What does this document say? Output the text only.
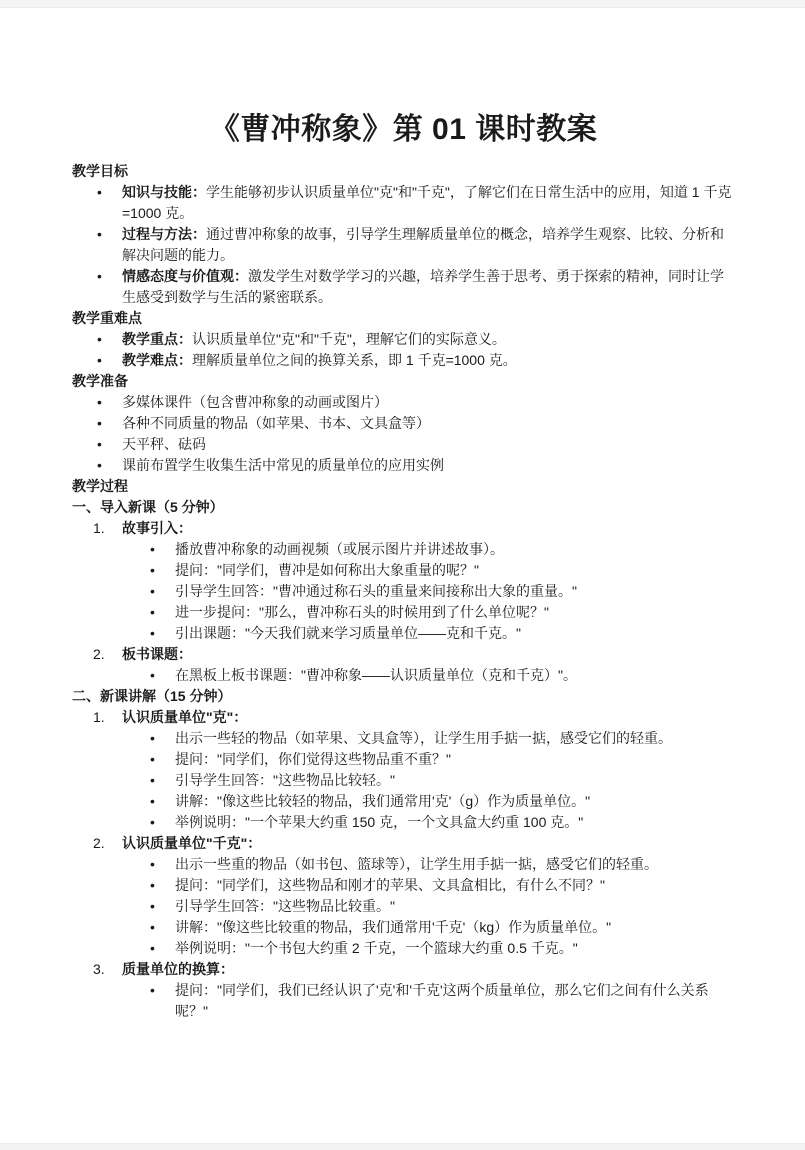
《曹冲称象》第 01 课时教案
教学目标
•	知识与技能：学生能够初步认识质量单位"克"和"千克"，了解它们在日常生活中的应用，知道 1 千克=1000 克。
•	过程与方法：通过曹冲称象的故事，引导学生理解质量单位的概念，培养学生观察、比较、分析和解决问题的能力。
•	情感态度与价值观：激发学生对数学学习的兴趣，培养学生善于思考、勇于探索的精神，同时让学生感受到数学与生活的紧密联系。
教学重难点
•	教学重点：认识质量单位"克"和"千克"，理解它们的实际意义。
•	教学难点：理解质量单位之间的换算关系，即 1 千克=1000 克。
教学准备
•	多媒体课件（包含曹冲称象的动画或图片）
•	各种不同质量的物品（如苹果、书本、文具盒等）
•	天平秤、砝码
•	课前布置学生收集生活中常见的质量单位的应用实例
教学过程
一、导入新课（5 分钟）
1.	故事引入：
•	播放曹冲称象的动画视频（或展示图片并讲述故事）。
•	提问："同学们，曹冲是如何称出大象重量的呢？"
•	引导学生回答："曹冲通过称石头的重量来间接称出大象的重量。"
•	进一步提问："那么，曹冲称石头的时候用到了什么单位呢？"
•	引出课题："今天我们就来学习质量单位——克和千克。"
2.	板书课题：
•	在黑板上板书课题："曹冲称象——认识质量单位（克和千克）"。
二、新课讲解（15 分钟）
1.	认识质量单位"克"：
•	出示一些轻的物品（如苹果、文具盒等），让学生用手掂一掂，感受它们的轻重。
•	提问："同学们，你们觉得这些物品重不重？"
•	引导学生回答："这些物品比较轻。"
•	讲解："像这些比较轻的物品，我们通常用'克'（g）作为质量单位。"
•	举例说明："一个苹果大约重 150 克，一个文具盒大约重 100 克。"
2.	认识质量单位"千克"：
•	出示一些重的物品（如书包、篮球等），让学生用手掂一掂，感受它们的轻重。
•	提问："同学们，这些物品和刚才的苹果、文具盒相比，有什么不同？"
•	引导学生回答："这些物品比较重。"
•	讲解："像这些比较重的物品，我们通常用'千克'（kg）作为质量单位。"
•	举例说明："一个书包大约重 2 千克，一个篮球大约重 0.5 千克。"
3.	质量单位的换算：
•	提问："同学们，我们已经认识了'克'和'千克'这两个质量单位，那么它们之间有什么关系呢？"
